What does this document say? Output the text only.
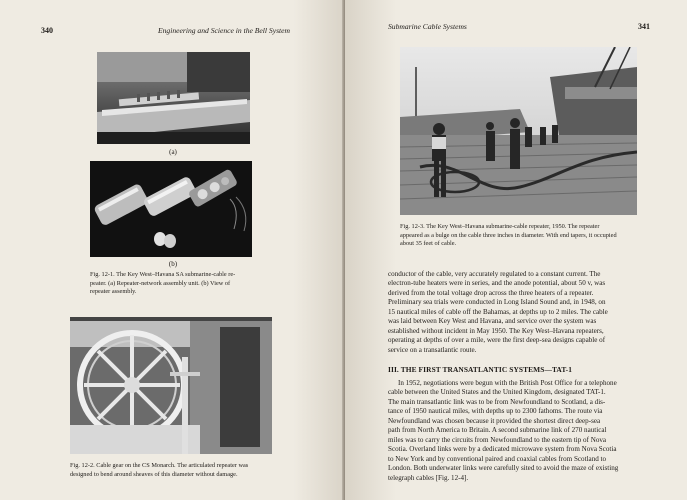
340	Engineering and Science in the Bell System
(a)
(b)
Fig. 12-1. The Key West–Havana SA submarine-cable re-
peater. (a) Repeater-network assembly unit. (b) View of
repeater assembly.
Fig. 12-2. Cable gear on the CS Monarch. The articulated repeater was
designed to bend around sheaves of this diameter without damage.
Submarine Cable Systems	341
Fig. 12-3. The Key West–Havana submarine-cable repeater, 1950. The repeater
appeared as a bulge on the cable three inches in diameter. With end tapers, it occupied
about 35 feet of cable.
conductor of the cable, very accurately regulated to a constant current. The
electron-tube heaters were in series, and the anode potential, about 50 v, was
derived from the total voltage drop across the three heaters of a repeater.
Preliminary sea trials were conducted in Long Island Sound and, in 1948, on
15 nautical miles of cable off the Bahamas, at depths up to 2 miles. The cable
was laid between Key West and Havana, and service over the system was
established without incident in May 1950. The Key West–Havana repeaters,
operating at depths of over a mile, were the first deep-sea designs capable of
service on a transatlantic route.
III. THE FIRST TRANSATLANTIC SYSTEMS—TAT-1
In 1952, negotiations were begun with the British Post Office for a telephone
cable between the United States and the United Kingdom, designated TAT-1.
The main transatlantic link was to be from Newfoundland to Scotland, a dis-
tance of 1950 nautical miles, with depths up to 2300 fathoms. The route via
Newfoundland was chosen because it provided the shortest direct deep-sea
path from North America to Britain. A second submarine link of 270 nautical
miles was to carry the circuits from Newfoundland to the eastern tip of Nova
Scotia. Overland links were by a dedicated microwave system from Nova Scotia
to New York and by conventional paired and coaxial cables from Scotland to
London. Both underwater links were carefully sited to avoid the maze of existing
telegraph cables [Fig. 12-4].
